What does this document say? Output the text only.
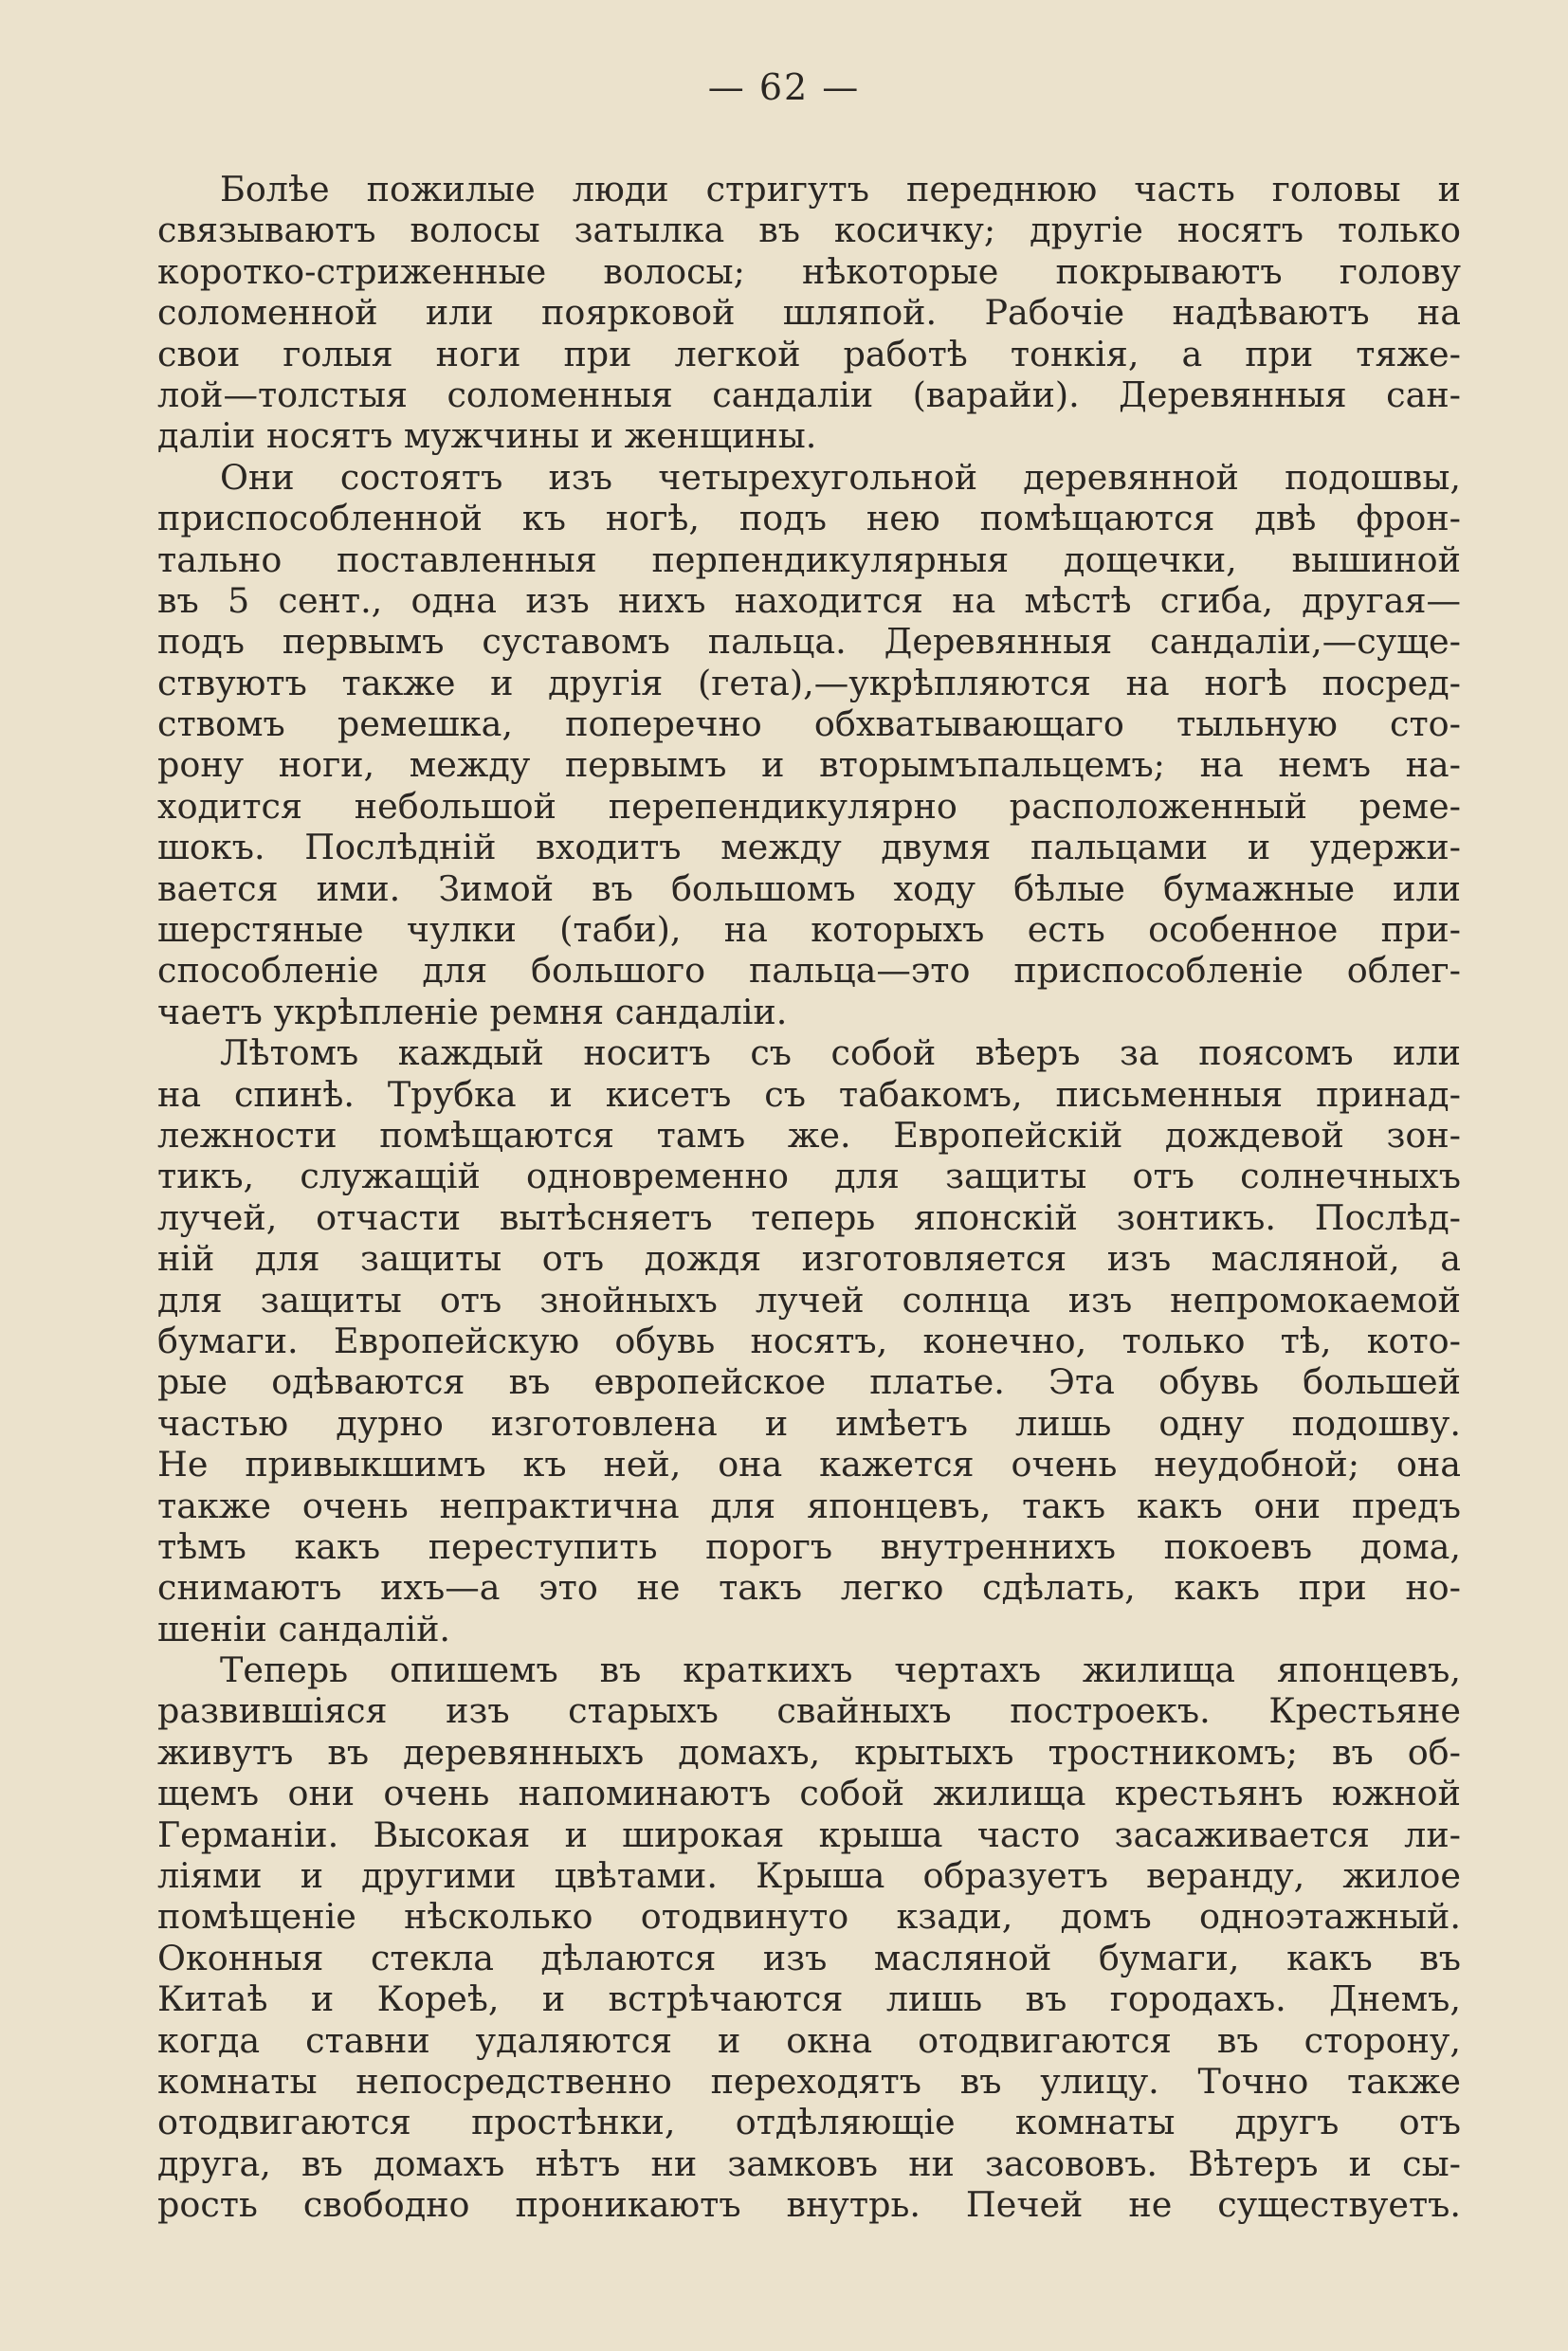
— 62 —
Болѣе пожилые люди стригутъ переднюю часть головы и
связываютъ волосы затылка въ косичку; другіе носятъ только
коротко-стриженные волосы; нѣкоторые покрываютъ голову
соломенной или поярковой шляпой. Рабочіе надѣваютъ на
свои голыя ноги при легкой работѣ тонкія, а при тяже-
лой—толстыя соломенныя сандаліи (варайи). Деревянныя сан-
даліи носятъ мужчины и женщины.
Они состоятъ изъ четырехугольной деревянной подошвы,
приспособленной къ ногѣ, подъ нею помѣщаются двѣ фрон-
тально поставленныя перпендикулярныя дощечки, вышиной
въ 5 сент., одна изъ нихъ находится на мѣстѣ сгиба, другая—
подъ первымъ суставомъ пальца. Деревянныя сандаліи,—суще-
ствуютъ также и другія (гета),—укрѣпляются на ногѣ посред-
ствомъ ремешка, поперечно обхватывающаго тыльную сто-
рону ноги, между первымъ и вторымъпальцемъ; на немъ на-
ходится небольшой перепендикулярно расположенный реме-
шокъ. Послѣдній входитъ между двумя пальцами и удержи-
вается ими. Зимой въ большомъ ходу бѣлые бумажные или
шерстяные чулки (таби), на которыхъ есть особенное при-
способленіе для большого пальца—это приспособленіе облег-
чаетъ укрѣпленіе ремня сандаліи.
Лѣтомъ каждый носитъ съ собой вѣеръ за поясомъ или
на спинѣ. Трубка и кисетъ съ табакомъ, письменныя принад-
лежности помѣщаются тамъ же. Европейскій дождевой зон-
тикъ, служащій одновременно для защиты отъ солнечныхъ
лучей, отчасти вытѣсняетъ теперь японскій зонтикъ. Послѣд-
ній для защиты отъ дождя изготовляется изъ масляной, а
для защиты отъ знойныхъ лучей солнца изъ непромокаемой
бумаги. Европейскую обувь носятъ, конечно, только тѣ, кото-
рые одѣваются въ европейское платье. Эта обувь большей
частью дурно изготовлена и имѣетъ лишь одну подошву.
Не привыкшимъ къ ней, она кажется очень неудобной; она
также очень непрактична для японцевъ, такъ какъ они предъ
тѣмъ какъ переступить порогъ внутреннихъ покоевъ дома,
снимаютъ ихъ—а это не такъ легко сдѣлать, какъ при но-
шеніи сандалій.
Теперь опишемъ въ краткихъ чертахъ жилища японцевъ,
развившіяся изъ старыхъ свайныхъ построекъ. Крестьяне
живутъ въ деревянныхъ домахъ, крытыхъ тростникомъ; въ об-
щемъ они очень напоминаютъ собой жилища крестьянъ южной
Германіи. Высокая и широкая крыша часто засаживается ли-
ліями и другими цвѣтами. Крыша образуетъ веранду, жилое
помѣщеніе нѣсколько отодвинуто кзади, домъ одноэтажный.
Оконныя стекла дѣлаются изъ масляной бумаги, какъ въ
Китаѣ и Кореѣ, и встрѣчаются лишь въ городахъ. Днемъ,
когда ставни удаляются и окна отодвигаются въ сторону,
комнаты непосредственно переходятъ въ улицу. Точно также
отодвигаются простѣнки, отдѣляющіе комнаты другъ отъ
друга, въ домахъ нѣтъ ни замковъ ни засововъ. Вѣтеръ и сы-
рость свободно проникаютъ внутрь. Печей не существуетъ.
